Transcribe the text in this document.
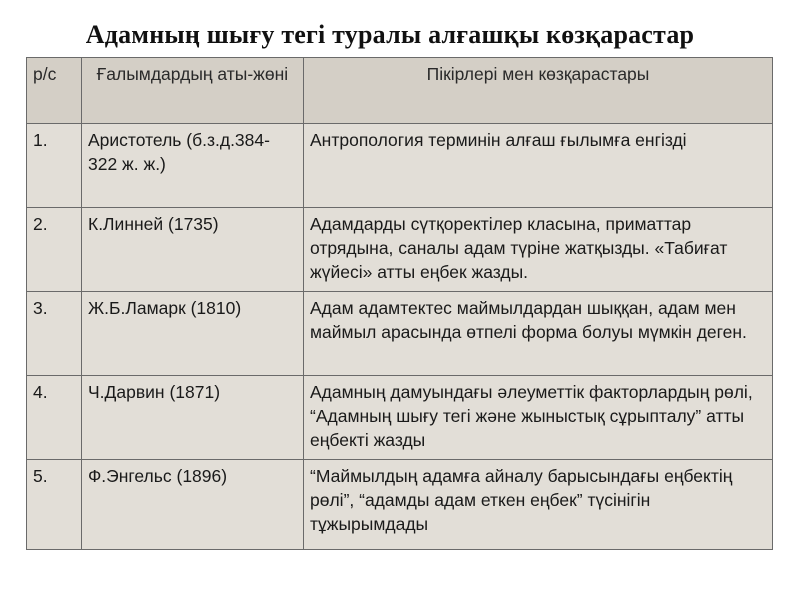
Адамның шығу тегі туралы алғашқы көзқарастар
р/с	Ғалымдардың аты-жөні	Пікірлері мен көзқарастары
1.	Аристотель (б.з.д.384-322 ж. ж.)	Антропология терминін алғаш ғылымға енгізді
2.	К.Линней (1735)	Адамдарды сүтқоректілер класына, приматтар отрядына, саналы адам түріне жатқызды. «Табиғат жүйесі» атты еңбек жазды.
3.	Ж.Б.Ламарк (1810)	Адам адамтектес маймылдардан шыққан, адам мен маймыл арасында өтпелі форма болуы мүмкін деген.
4.	Ч.Дарвин (1871)	Адамның дамуындағы әлеуметтік факторлардың рөлі, “Адамның шығу тегі және жыныстық сұрыпталу” атты еңбекті жазды
5.	Ф.Энгельс (1896)	“Маймылдың адамға айналу барысындағы еңбектің рөлі”, “адамды адам еткен еңбек” түсінігін тұжырымдады
